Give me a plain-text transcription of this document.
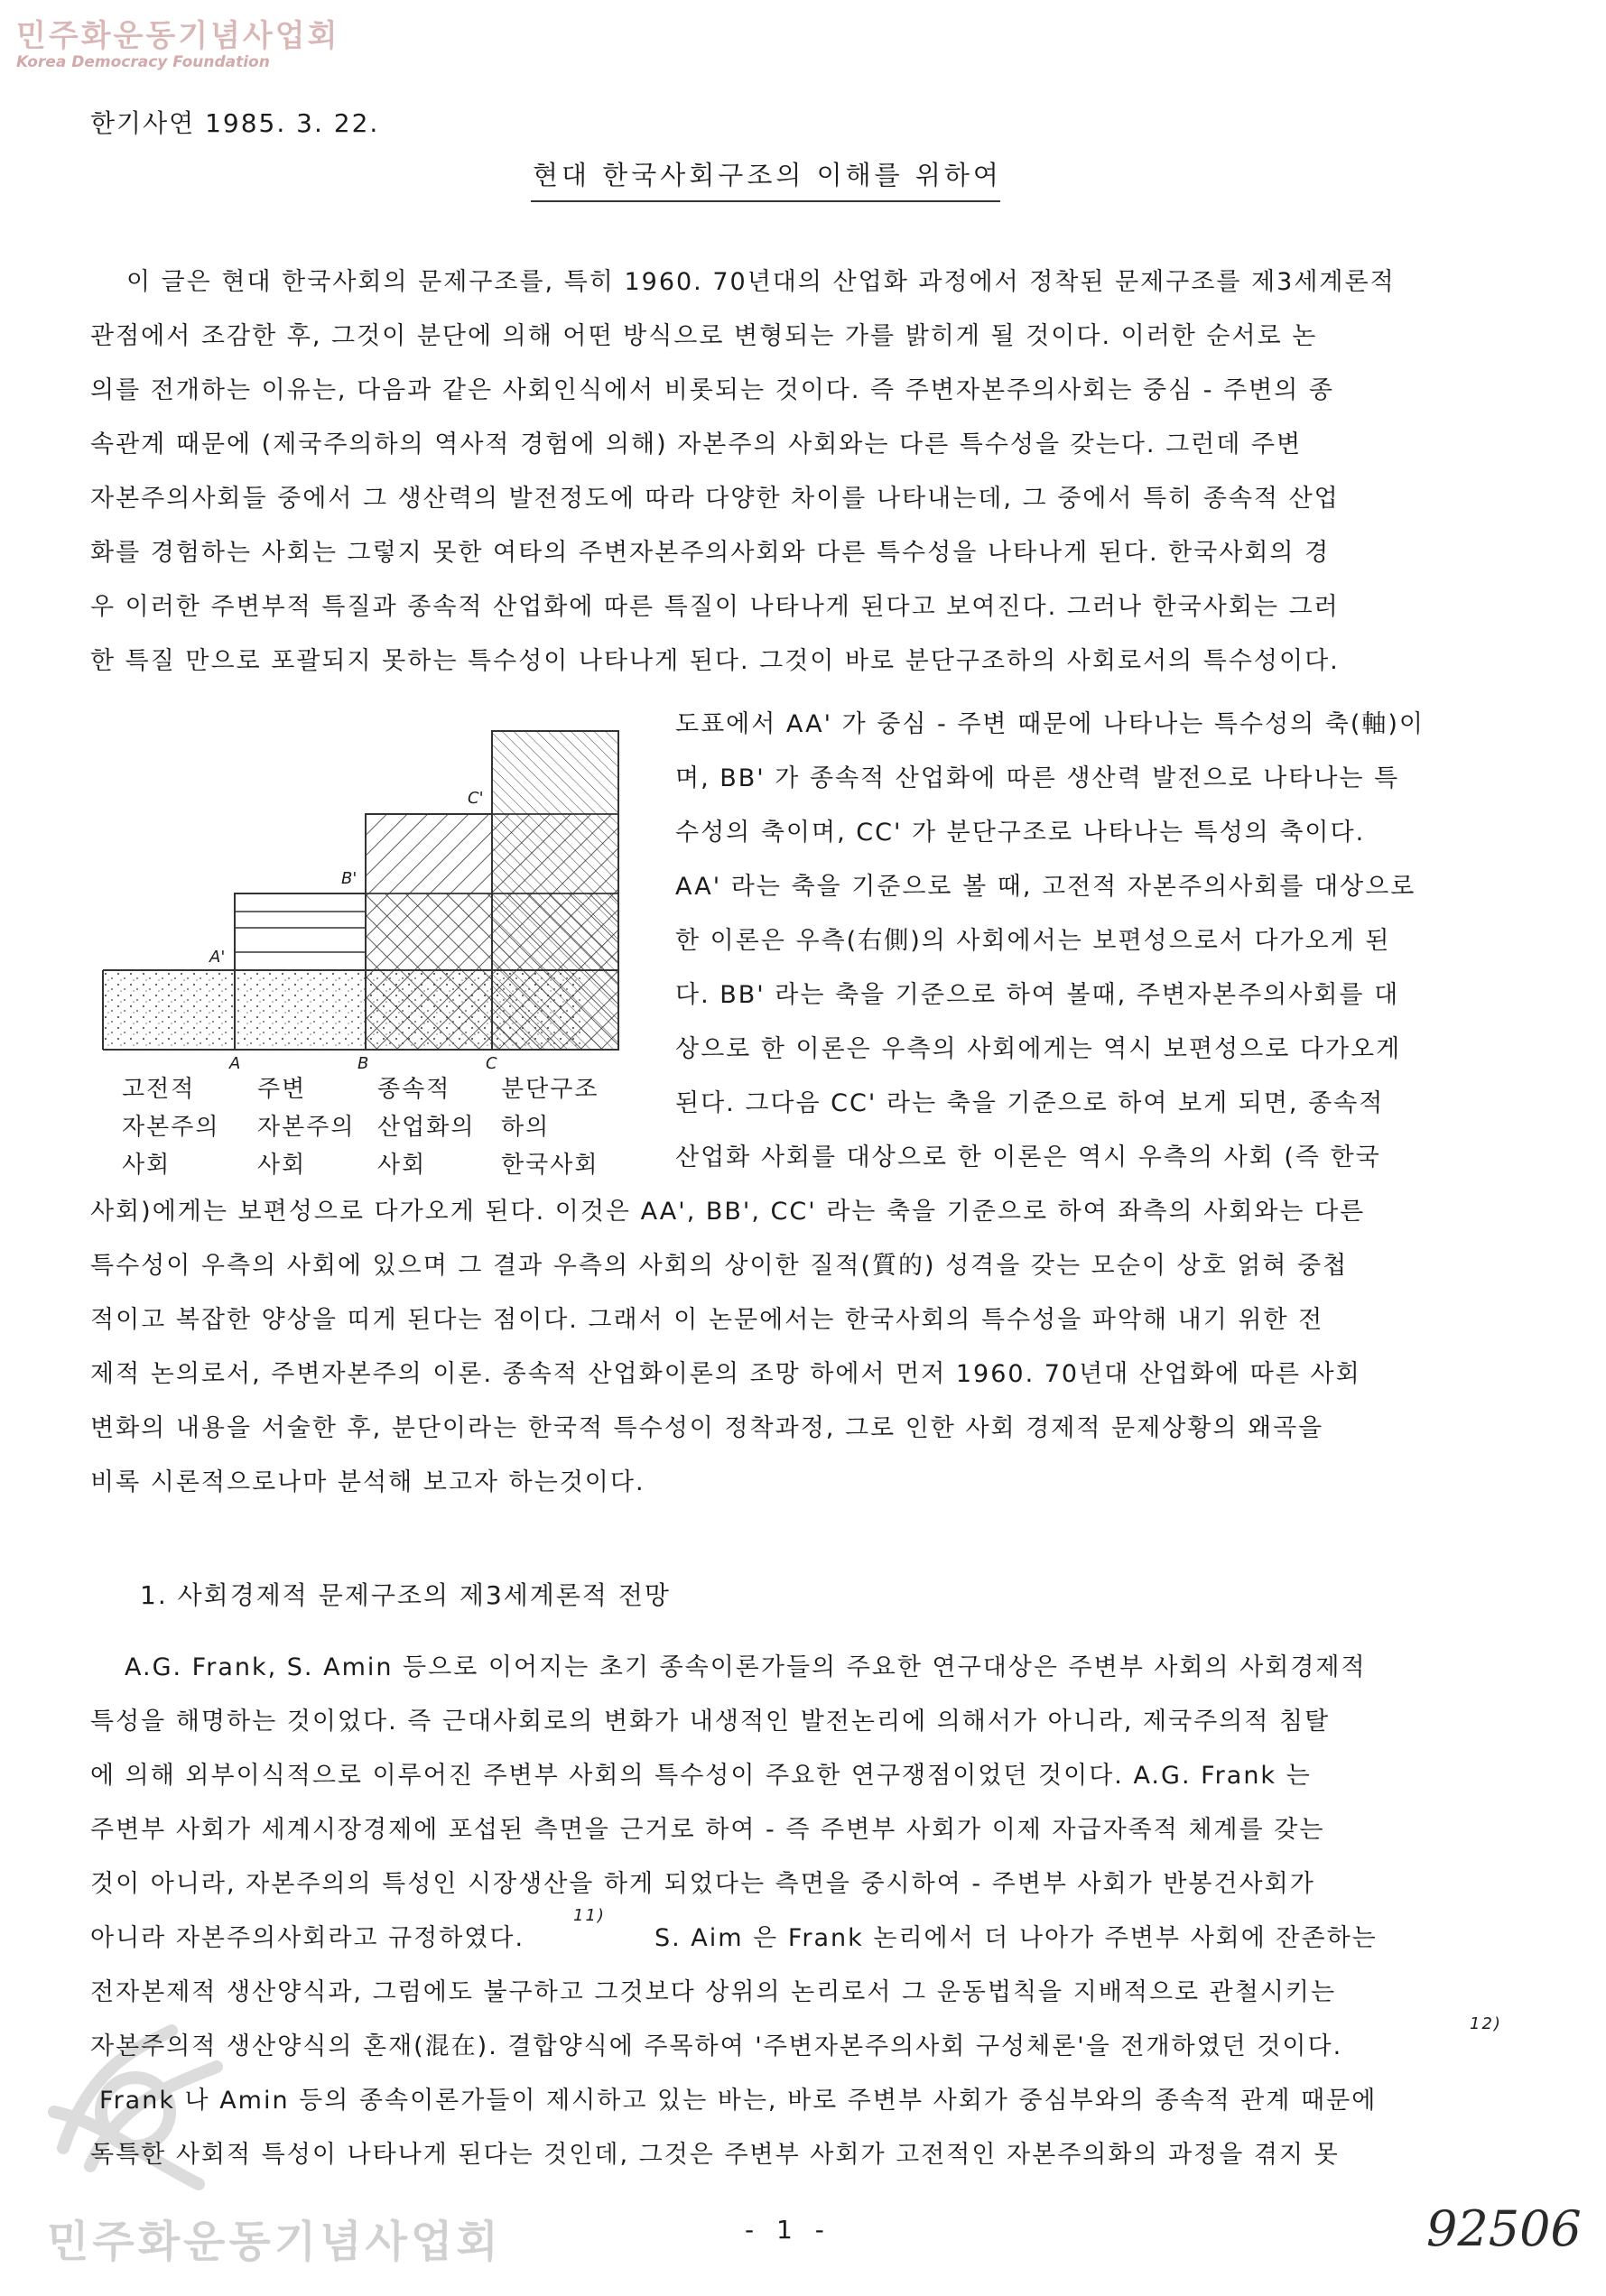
민주화운동기념사업회
Korea Democracy Foundation
민주화운동기념사업회
한기사연 1985. 3. 22.
현대 한국사회구조의 이해를 위하여
이 글은 현대 한국사회의 문제구조를, 특히 1960. 70년대의 산업화 과정에서 정착된 문제구조를 제3세계론적
관점에서 조감한 후, 그것이 분단에 의해 어떤 방식으로 변형되는 가를 밝히게 될 것이다. 이러한 순서로 논
의를 전개하는 이유는, 다음과 같은 사회인식에서 비롯되는 것이다. 즉 주변자본주의사회는 중심 - 주변의 종
속관계 때문에 (제국주의하의 역사적 경험에 의해) 자본주의 사회와는 다른 특수성을 갖는다. 그런데 주변
자본주의사회들 중에서 그 생산력의 발전정도에 따라 다양한 차이를 나타내는데, 그 중에서 특히 종속적 산업
화를 경험하는 사회는 그렇지 못한 여타의 주변자본주의사회와 다른 특수성을 나타나게 된다. 한국사회의 경
우 이러한 주변부적 특질과 종속적 산업화에 따른 특질이 나타나게 된다고 보여진다. 그러나 한국사회는 그러
한 특질 만으로 포괄되지 못하는 특수성이 나타나게 된다. 그것이 바로 분단구조하의 사회로서의 특수성이다.
A'
B'
C'
A	B	C
고전적
자본주의
사회
주변
자본주의
사회
종속적
산업화의
사회
분단구조
하의
한국사회
도표에서 AA' 가 중심 - 주변 때문에 나타나는 특수성의 축(軸)이
며, BB' 가 종속적 산업화에 따른 생산력 발전으로 나타나는 특
수성의 축이며, CC' 가 분단구조로 나타나는 특성의 축이다.
AA' 라는 축을 기준으로 볼 때, 고전적 자본주의사회를 대상으로
한 이론은 우측(右側)의 사회에서는 보편성으로서 다가오게 된
다. BB' 라는 축을 기준으로 하여 볼때, 주변자본주의사회를 대
상으로 한 이론은 우측의 사회에게는 역시 보편성으로 다가오게
된다. 그다음 CC' 라는 축을 기준으로 하여 보게 되면, 종속적
산업화 사회를 대상으로 한 이론은 역시 우측의 사회 (즉 한국
사회)에게는 보편성으로 다가오게 된다. 이것은 AA', BB', CC' 라는 축을 기준으로 하여 좌측의 사회와는 다른
특수성이 우측의 사회에 있으며 그 결과 우측의 사회의 상이한 질적(質的) 성격을 갖는 모순이 상호 얽혀 중첩
적이고 복잡한 양상을 띠게 된다는 점이다. 그래서 이 논문에서는 한국사회의 특수성을 파악해 내기 위한 전
제적 논의로서, 주변자본주의 이론. 종속적 산업화이론의 조망 하에서 먼저 1960. 70년대 산업화에 따른 사회
변화의 내용을 서술한 후, 분단이라는 한국적 특수성이 정착과정, 그로 인한 사회 경제적 문제상황의 왜곡을
비록 시론적으로나마 분석해 보고자 하는것이다.
1. 사회경제적 문제구조의 제3세계론적 전망
A.G. Frank, S. Amin 등으로 이어지는 초기 종속이론가들의 주요한 연구대상은 주변부 사회의 사회경제적
특성을 해명하는 것이었다. 즉 근대사회로의 변화가 내생적인 발전논리에 의해서가 아니라, 제국주의적 침탈
에 의해 외부이식적으로 이루어진 주변부 사회의 특수성이 주요한 연구쟁점이었던 것이다. A.G. Frank 는
주변부 사회가 세계시장경제에 포섭된 측면을 근거로 하여 - 즉 주변부 사회가 이제 자급자족적 체계를 갖는
것이 아니라, 자본주의의 특성인 시장생산을 하게 되었다는 측면을 중시하여 - 주변부 사회가 반봉건사회가
아니라 자본주의사회라고 규정하였다.
$^{11)}$
S. Aim 은 Frank 논리에서 더 나아가 주변부 사회에 잔존하는
전자본제적 생산양식과, 그럼에도 불구하고 그것보다 상위의 논리로서 그 운동법칙을 지배적으로 관철시키는
자본주의적 생산양식의 혼재(混在). 결합양식에 주목하여 '주변자본주의사회 구성체론'을 전개하였던 것이다.
$^{12)}$
Frank 나 Amin 등의 종속이론가들이 제시하고 있는 바는, 바로 주변부 사회가 중심부와의 종속적 관계 때문에
독특한 사회적 특성이 나타나게 된다는 것인데, 그것은 주변부 사회가 고전적인 자본주의화의 과정을 겪지 못
- 1 -	92506
